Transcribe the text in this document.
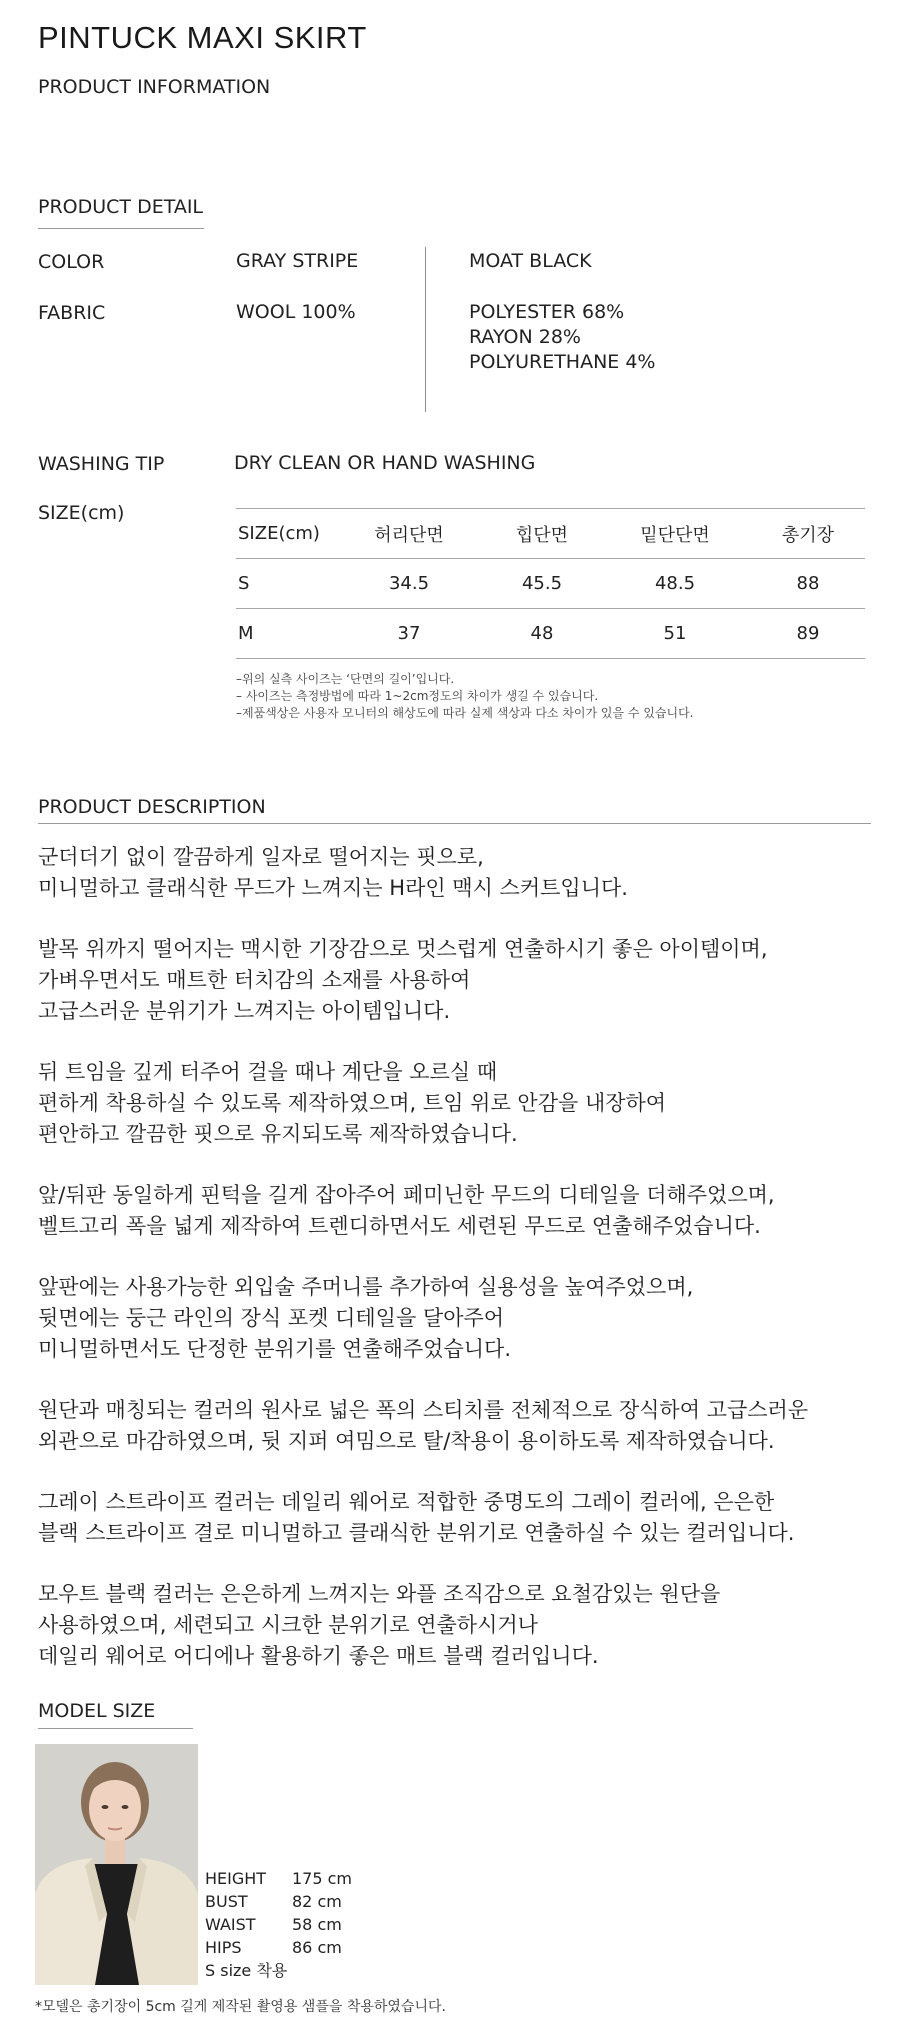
PINTUCK MAXI SKIRT
PRODUCT INFORMATION
PRODUCT DETAIL
COLOR	GRAY STRIPE	MOAT BLACK
FABRIC	WOOL 100%	POLYESTER 68%
RAYON 28%
POLYURETHANE 4%
WASHING TIP	DRY CLEAN OR HAND WASHING
SIZE(cm)
SIZE(cm)	허리단면	힙단면	밑단단면	총기장
S	34.5	45.5	48.5	88
M	37	48	51	89
–위의 실측 사이즈는 ‘단면의 길이’입니다.
– 사이즈는 측정방법에 따라 1~2cm정도의 차이가 생길 수 있습니다.
–제품색상은 사용자 모니터의 해상도에 따라 실제 색상과 다소 차이가 있을 수 있습니다.
PRODUCT DESCRIPTION

군더더기 없이 깔끔하게 일자로 떨어지는 핏으로,
미니멀하고 클래식한 무드가 느껴지는 H라인 맥시 스커트입니다.

발목 위까지 떨어지는 맥시한 기장감으로 멋스럽게 연출하시기 좋은 아이템이며,
가벼우면서도 매트한 터치감의 소재를 사용하여
고급스러운 분위기가 느껴지는 아이템입니다.

뒤 트임을 깊게 터주어 걸을 때나 계단을 오르실 때
편하게 착용하실 수 있도록 제작하였으며, 트임 위로 안감을 내장하여
편안하고 깔끔한 핏으로 유지되도록 제작하였습니다.

앞/뒤판 동일하게 핀턱을 길게 잡아주어 페미닌한 무드의 디테일을 더해주었으며,
벨트고리 폭을 넓게 제작하여 트렌디하면서도 세련된 무드로 연출해주었습니다.

앞판에는 사용가능한 외입술 주머니를 추가하여 실용성을 높여주었으며,
뒷면에는 둥근 라인의 장식 포켓 디테일을 달아주어
미니멀하면서도 단정한 분위기를 연출해주었습니다.

원단과 매칭되는 컬러의 원사로 넓은 폭의 스티치를 전체적으로 장식하여 고급스러운
외관으로 마감하였으며, 뒷 지퍼 여밈으로 탈/착용이 용이하도록 제작하였습니다.

그레이 스트라이프 컬러는 데일리 웨어로 적합한 중명도의 그레이 컬러에, 은은한
블랙 스트라이프 결로 미니멀하고 클래식한 분위기로 연출하실 수 있는 컬러입니다.

모우트 블랙 컬러는 은은하게 느껴지는 와플 조직감으로 요철감있는 원단을
사용하였으며, 세련되고 시크한 분위기로 연출하시거나
데일리 웨어로 어디에나 활용하기 좋은 매트 블랙 컬러입니다.

MODEL SIZE
HEIGHT 175 cm
BUST	82 cm
WAIST 58 cm
HIPS	86 cm
S size 착용
*모델은 총기장이 5cm 길게 제작된 촬영용 샘플을 착용하였습니다.
